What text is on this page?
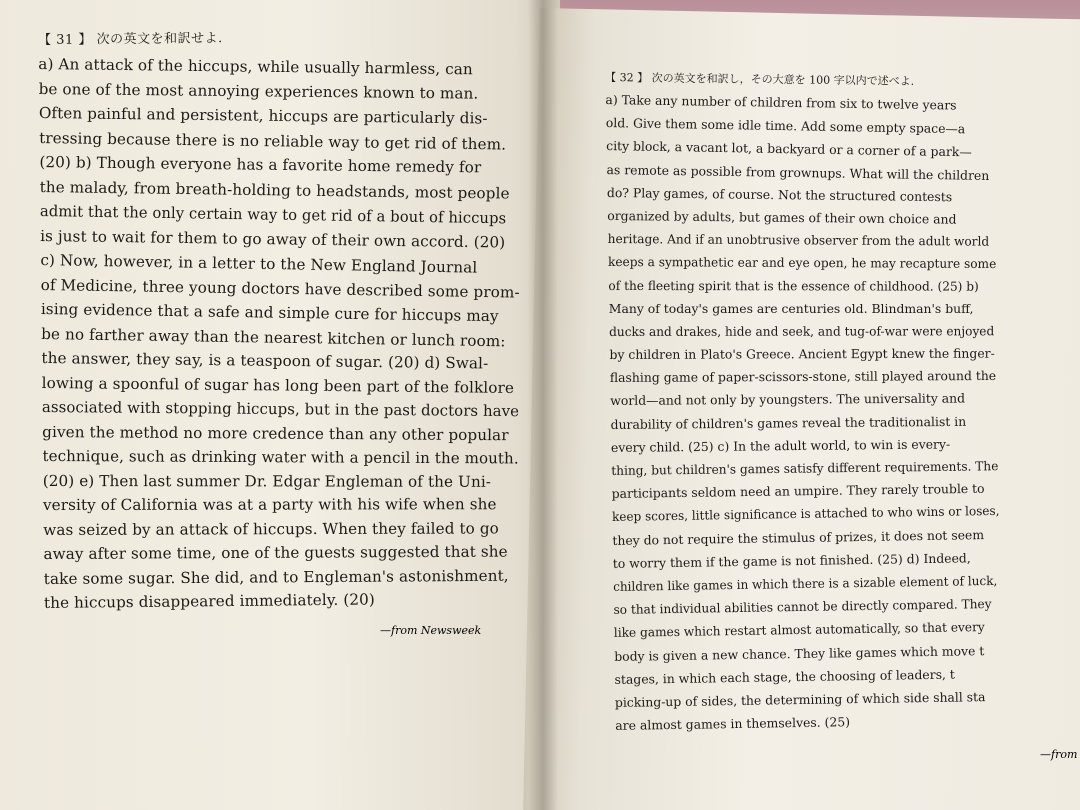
【 31 】 次の英文を和訳せよ.
a) An attack of the hiccups, while usually harmless, can
be one of the most annoying experiences known to man.
Often painful and persistent, hiccups are particularly dis-
tressing because there is no reliable way to get rid of them.
(20) b) Though everyone has a favorite home remedy for
the malady, from breath-holding to headstands, most people
admit that the only certain way to get rid of a bout of hiccups
is just to wait for them to go away of their own accord. (20)
c) Now, however, in a letter to the New England Journal
of Medicine, three young doctors have described some prom-
ising evidence that a safe and simple cure for hiccups may
be no farther away than the nearest kitchen or lunch room:
the answer, they say, is a teaspoon of sugar. (20) d) Swal-
lowing a spoonful of sugar has long been part of the folklore
associated with stopping hiccups, but in the past doctors have
given the method no more credence than any other popular
technique, such as drinking water with a pencil in the mouth.
(20) e) Then last summer Dr. Edgar Engleman of the Uni-
versity of California was at a party with his wife when she
was seized by an attack of hiccups. When they failed to go
away after some time, one of the guests suggested that she
take some sugar. She did, and to Engleman's astonishment,
the hiccups disappeared immediately. (20)
—from Newsweek
【 32 】 次の英文を和訳し，その大意を 100 字以内で述べよ.
a) Take any number of children from six to twelve years
old. Give them some idle time. Add some empty space—a
city block, a vacant lot, a backyard or a corner of a park—
as remote as possible from grownups. What will the children
do? Play games, of course. Not the structured contests
organized by adults, but games of their own choice and
heritage. And if an unobtrusive observer from the adult world
keeps a sympathetic ear and eye open, he may recapture some
of the fleeting spirit that is the essence of childhood. (25) b)
Many of today's games are centuries old. Blindman's buff,
ducks and drakes, hide and seek, and tug-of-war were enjoyed
by children in Plato's Greece. Ancient Egypt knew the finger-
flashing game of paper-scissors-stone, still played around the
world—and not only by youngsters. The universality and
durability of children's games reveal the traditionalist in
every child. (25) c) In the adult world, to win is every-
thing, but children's games satisfy different requirements. The
participants seldom need an umpire. They rarely trouble to
keep scores, little significance is attached to who wins or loses,
they do not require the stimulus of prizes, it does not seem
to worry them if the game is not finished. (25) d) Indeed,
children like games in which there is a sizable element of luck,
so that individual abilities cannot be directly compared. They
like games which restart almost automatically, so that every
body is given a new chance. They like games which move t
stages, in which each stage, the choosing of leaders, t
picking-up of sides, the determining of which side shall sta
are almost games in themselves. (25)
—from
